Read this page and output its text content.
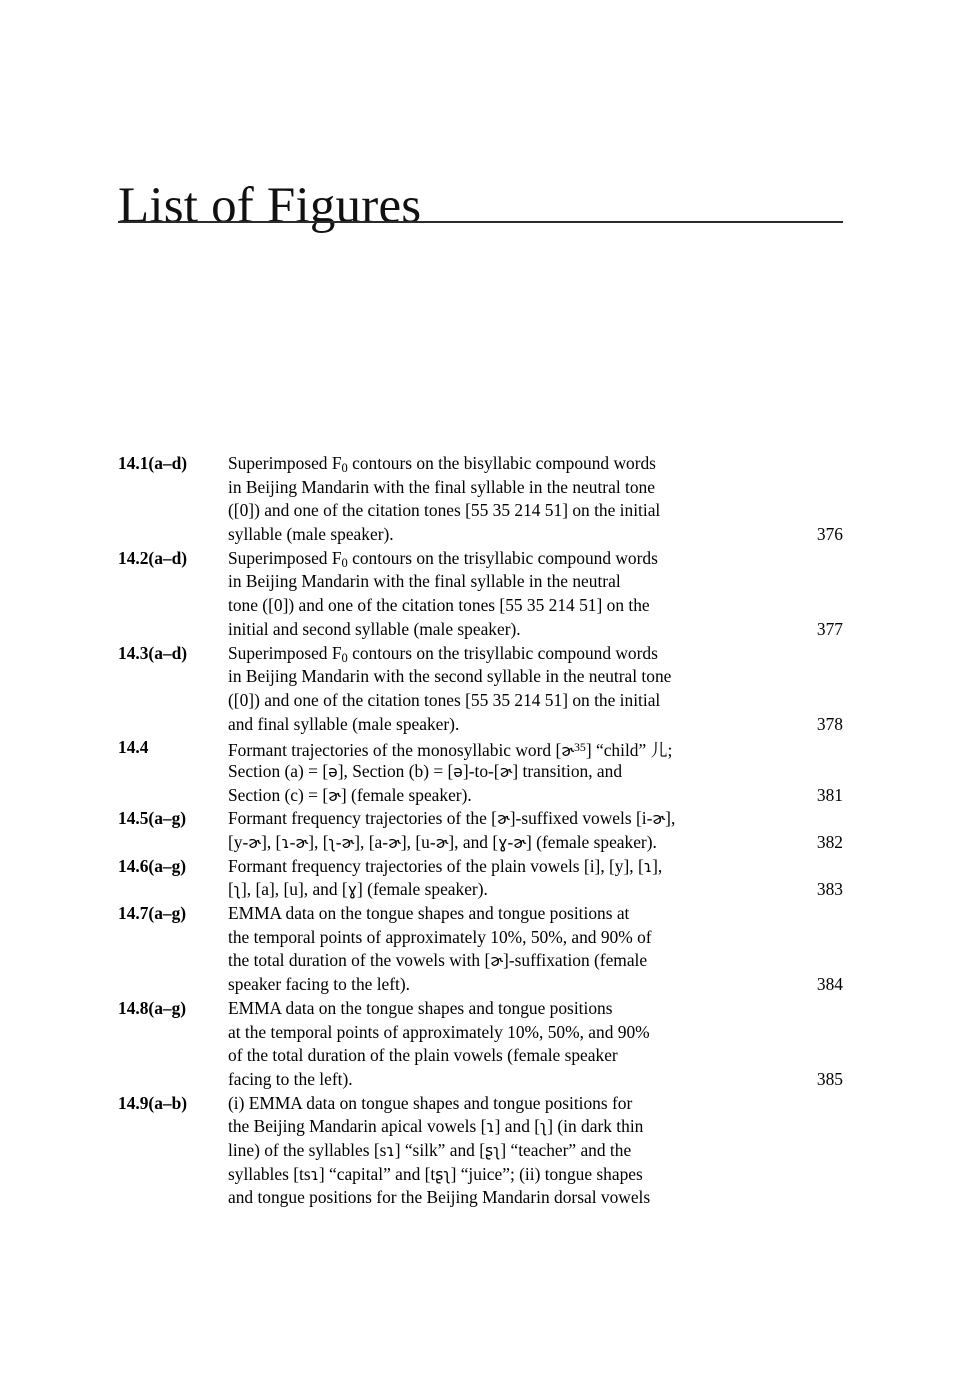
List of Figures
14.1(a–d)	Superimposed $F_0$ contours on the bisyllabic compound words
in Beijing Mandarin with the final syllable in the neutral tone
([0]) and one of the citation tones [55 35 214 51] on the initial
syllable (male speaker).	376
14.2(a–d)	Superimposed $F_0$ contours on the trisyllabic compound words
in Beijing Mandarin with the final syllable in the neutral
tone ([0]) and one of the citation tones [55 35 214 51] on the
initial and second syllable (male speaker).	377
14.3(a–d)	Superimposed $F_0$ contours on the trisyllabic compound words
in Beijing Mandarin with the second syllable in the neutral tone
([0]) and one of the citation tones [55 35 214 51] on the initial
and final syllable (male speaker).	378
14.4	Formant trajectories of the monosyllabic word [ɚ$^{35}$] “child” 儿;
Section (a) = [ə], Section (b) = [ə]-to-[ɚ] transition, and
Section (c) = [ɚ] (female speaker).	381
14.5(a–g)	Formant frequency trajectories of the [ɚ]-suffixed vowels [i-ɚ],
[y-ɚ], [ɿ-ɚ], [ʅ-ɚ], [a-ɚ], [u-ɚ], and [ɣ-ɚ] (female speaker).	382
14.6(a–g)	Formant frequency trajectories of the plain vowels [i], [y], [ɿ],
[ʅ], [a], [u], and [ɣ] (female speaker).	383
14.7(a–g)	EMMA data on the tongue shapes and tongue positions at
the temporal points of approximately 10%, 50%, and 90% of
the total duration of the vowels with [ɚ]-suffixation (female
speaker facing to the left).	384
14.8(a–g)	EMMA data on the tongue shapes and tongue positions
at the temporal points of approximately 10%, 50%, and 90%
of the total duration of the plain vowels (female speaker
facing to the left).	385
14.9(a–b)	(i) EMMA data on tongue shapes and tongue positions for
the Beijing Mandarin apical vowels [ɿ] and [ʅ] (in dark thin
line) of the syllables [sɿ] “silk” and [ʂʅ] “teacher” and the
syllables [tsɿ] “capital” and [tʂʅ] “juice”; (ii) tongue shapes
and tongue positions for the Beijing Mandarin dorsal vowels
